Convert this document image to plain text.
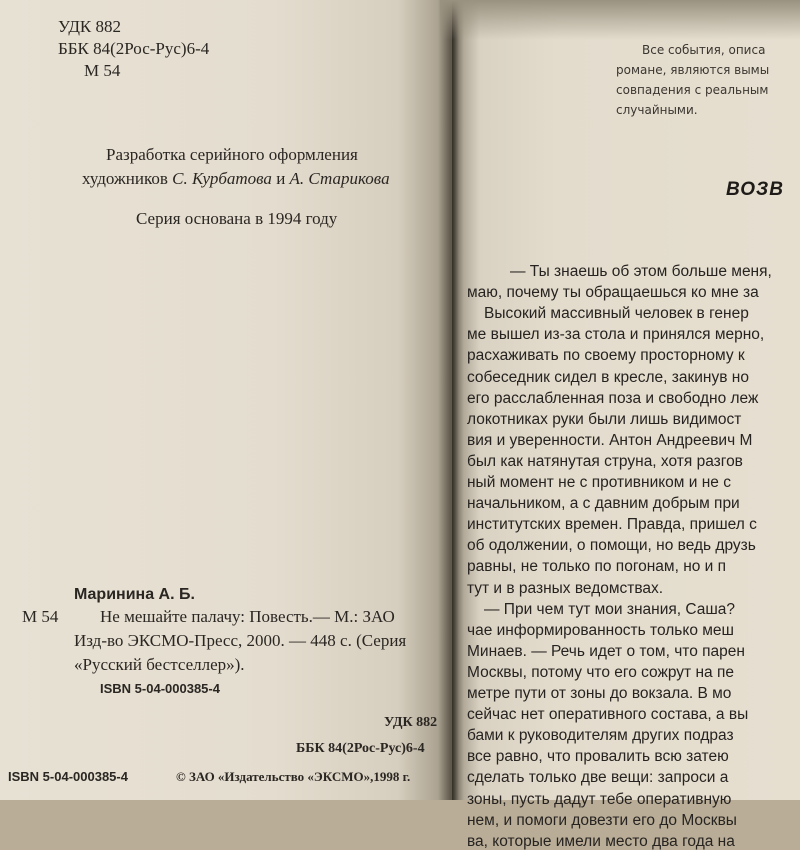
УДК 882
ББК 84(2Рос-Рус)6-4
М 54
Разработка серийного оформления
художников С. Курбатова и А. Старикова
Серия основана в 1994 году
Маринина А. Б.
М 54 Не мешайте палачу: Повесть.— М.: ЗАО
Изд-во ЭКСМО-Пресс, 2000. — 448 с. (Серия
«Русский бестселлер»).
ISBN 5-04-000385-4
УДК 882
ББК 84(2Рос-Рус)6-4
ISBN 5-04-000385-4	© ЗАО «Издательство «ЭКСМО»,1998 г.
Все события, описа
романе, являются вымы
совпадения с реальным
случайными.
ВОЗВ
— Ты знаешь об этом больше меня,
маю, почему ты обращаешься ко мне за
Высокий массивный человек в генер
ме вышел из-за стола и принялся мерно,
расхаживать по своему просторному к
собеседник сидел в кресле, закинув но
его расслабленная поза и свободно леж
локотниках руки были лишь видимост
вия и уверенности. Антон Андреевич М
был как натянутая струна, хотя разгов
ный момент не с противником и не с
начальником, а с давним добрым при
институтских времен. Правда, пришел с
об одолжении, о помощи, но ведь друзь
равны, не только по погонам, но и п
тут и в разных ведомствах.
— При чем тут мои знания, Саша?
чае информированность только меш
Минаев. — Речь идет о том, что парен
Москвы, потому что его сожрут на пе
метре пути от зоны до вокзала. В мо
сейчас нет оперативного состава, а вы
бами к руководителям других подраз
все равно, что провалить всю затею
сделать только две вещи: запроси а
зоны, пусть дадут тебе оперативную
нем, и помоги довезти его до Москвы
ва, которые имели место два года на
